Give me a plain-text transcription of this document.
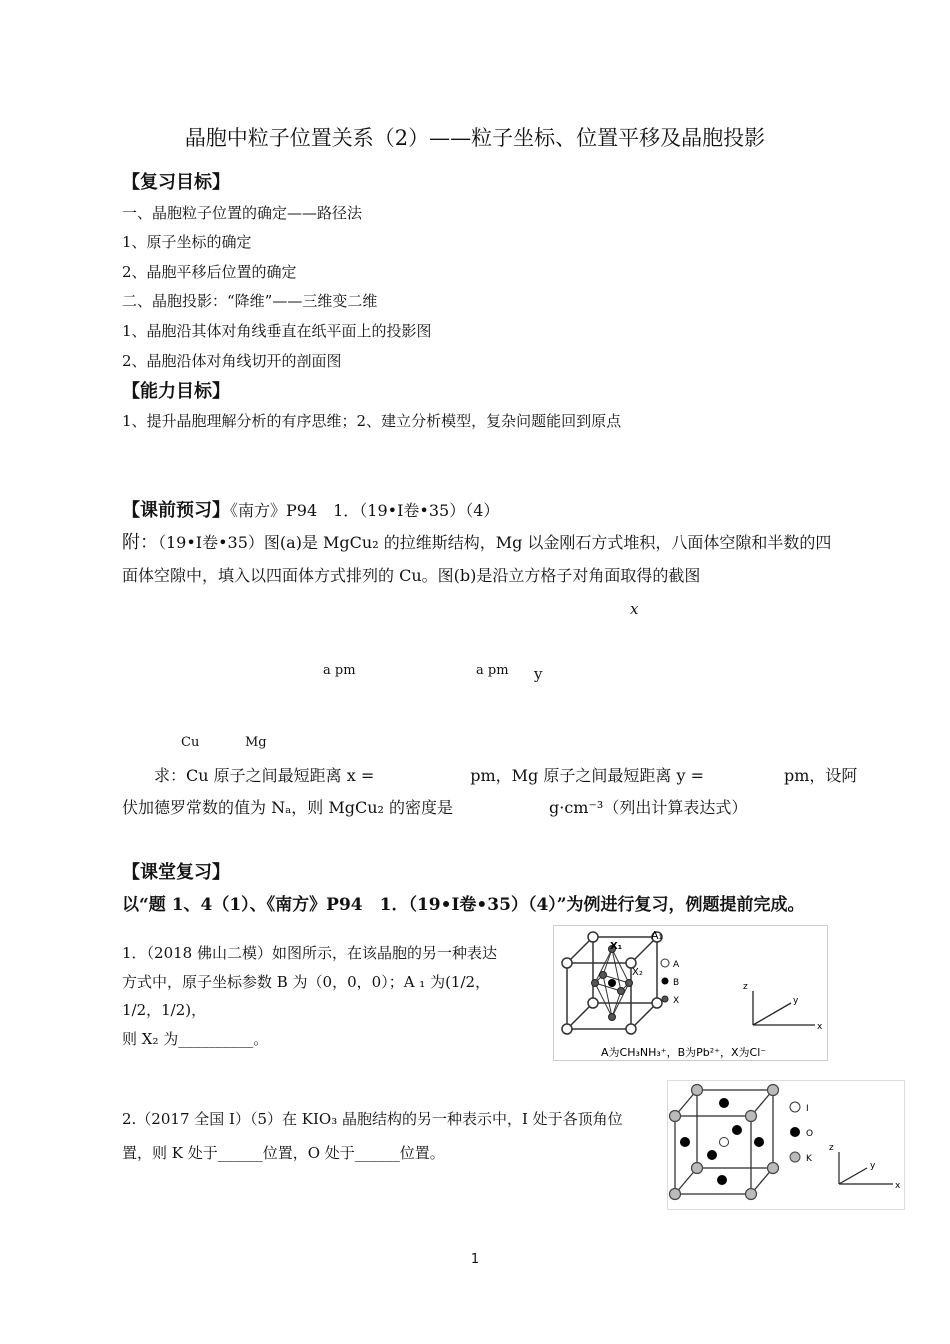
晶胞中粒子位置关系（2）——粒子坐标、位置平移及晶胞投影
【复习目标】
一、晶胞粒子位置的确定——路径法
1、原子坐标的确定
2、晶胞平移后位置的确定
二、晶胞投影：“降维”——三维变二维
1、晶胞沿其体对角线垂直在纸平面上的投影图
2、晶胞沿体对角线切开的剖面图
【能力目标】
1、提升晶胞理解分析的有序思维；2、建立分析模型，复杂问题能回到原点
【课前预习】《南方》P94　1．（19•Ⅰ卷•35）（4）
附：（19•Ⅰ卷•35）图(a)是 MgCu₂ 的拉维斯结构，Mg 以金刚石方式堆积，八面体空隙和半数的四
面体空隙中，填入以四面体方式排列的 Cu。图(b)是沿立方格子对角面取得的截图
x
a pm	a pm y
Cu	Mg
求：Cu 原子之间最短距离 x =　　　　　　pm，Mg 原子之间最短距离 y =　　　　　pm，设阿
伏加德罗常数的值为 Nₐ，则 MgCu₂ 的密度是　　　　　　g·cm⁻³（列出计算表达式）
【课堂复习】
以“题 1、4（1）、《南方》P94　1．（19•Ⅰ卷•35）（4）”为例进行复习，例题提前完成。
1．（2018 佛山二模）如图所示，在该晶胞的另一种表达
方式中，原子坐标参数 B 为（0，0，0）；A ₁ 为(1/2，
1/2，1/2)，
则 X₂ 为__________。
A₁
X₁
X₂
A
B
X
z
y
x
A为CH₃NH₃⁺，B为Pb²⁺，X为Cl⁻
2.（2017 全国 I）（5）在 KIO₃ 晶胞结构的另一种表示中，I 处于各顶角位
置，则 K 处于______位置，O 处于______位置。
I
O
K
z
y
x
1
